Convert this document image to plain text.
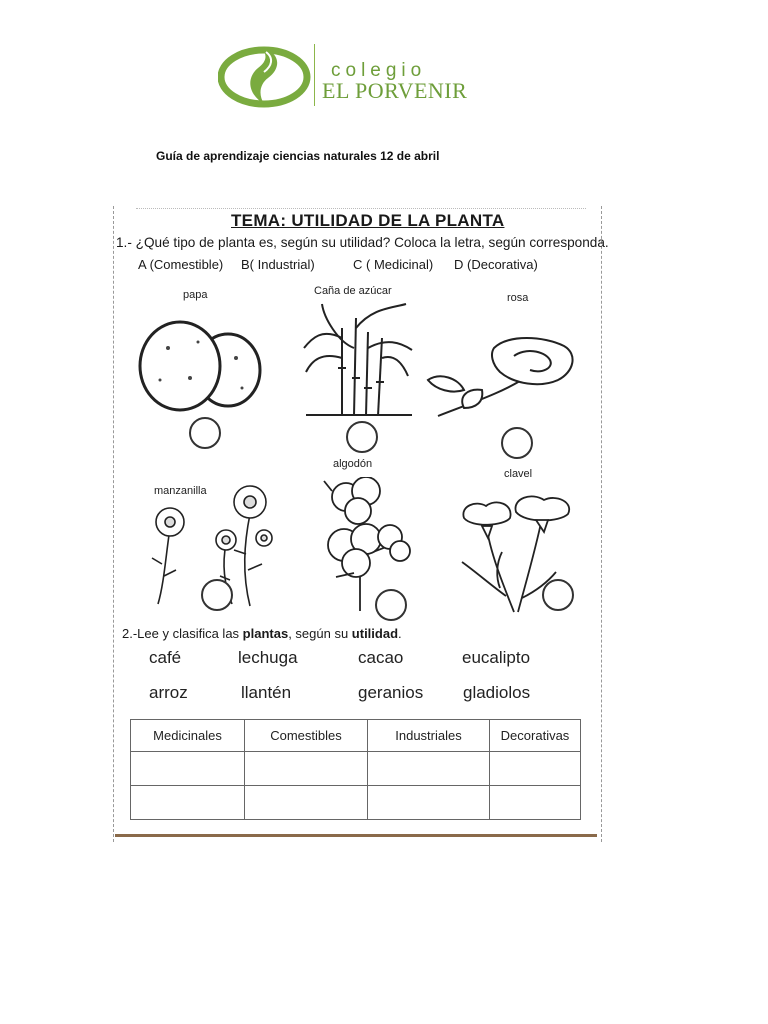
colegio
EL PORVENIR
Guía de aprendizaje ciencias naturales 12 de abril
TEMA: UTILIDAD DE LA PLANTA
1.- ¿Qué tipo de planta es, según su utilidad? Coloca la letra, según corresponda.
A (Comestible) B( Industrial)	C ( Medicinal) D (Decorativa)
papa	Caña de azúcar
rosa
manzanilla
algodón
clavel
2.-Lee y clasifica las plantas, según su utilidad.
café	lechuga	cacao	eucalipto
arroz	llantén	geranios gladiolos
Medicinales	Comestibles	Industriales	Decorativas
